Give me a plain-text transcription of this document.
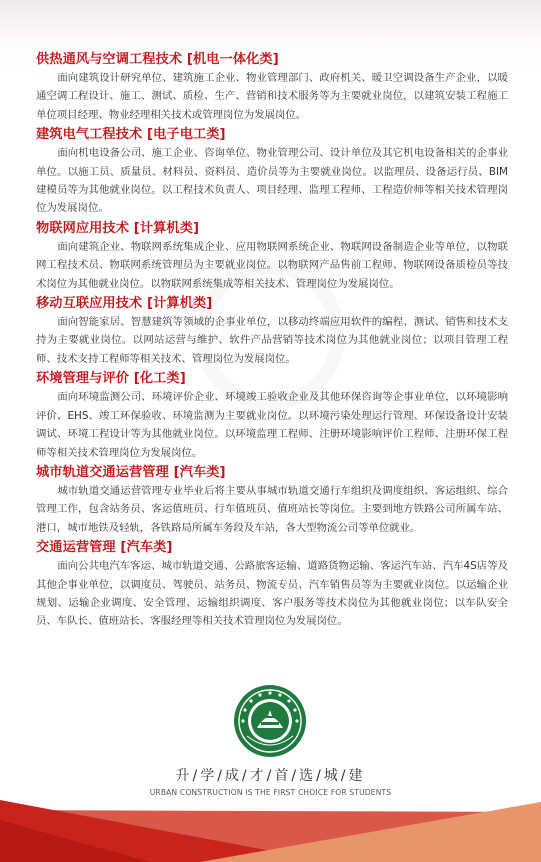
供热通风与空调工程技术 [机电一体化类]

面向建筑设计研究单位、建筑施工企业、物业管理部门、政府机关、暖卫空调设备生产企业，以暖通空调工程设计、施工、测试、质检、生产、营销和技术服务等为主要就业岗位，以建筑安装工程施工单位项目经理、物业经理相关技术或管理岗位为发展岗位。

建筑电气工程技术 [电子电工类]

面向机电设备公司、施工企业、咨询单位、物业管理公司、设计单位及其它机电设备相关的企事业单位。以施工员、质量员、材料员、资料员、造价员等为主要就业岗位。以监理员、设备运行员、BIM建模员等为其他就业岗位。以工程技术负责人、项目经理、监理工程师、工程造价师等相关技术管理岗位为发展岗位。

物联网应用技术 [计算机类]

面向建筑企业、物联网系统集成企业、应用物联网系统企业、物联网设备制造企业等单位，以物联网工程技术员、物联网系统管理员为主要就业岗位。以物联网产品售前工程师、物联网设备质检员等技术岗位为其他就业岗位。以物联网系统集成等相关技术、管理岗位为发展岗位。

移动互联应用技术 [计算机类]

面向智能家居、智慧建筑等领域的企事业单位，以移动终端应用软件的编程、测试、销售和技术支持为主要就业岗位。以网站运营与维护、软件产品营销等技术岗位为其他就业岗位；以项目管理工程师、技术支持工程师等相关技术、管理岗位为发展岗位。

环境管理与评价 [化工类]

面向环境监测公司、环境评价企业、环境竣工验收企业及其他环保咨询等企事业单位，以环境影响评价、EHS、竣工环保验收、环境监测为主要就业岗位。以环境污染处理运行管理、环保设备设计安装调试、环境工程设计等为其他就业岗位。以环境监理工程师、注册环境影响评价工程师、注册环保工程师等相关技术管理岗位为发展岗位。

城市轨道交通运营管理 [汽车类]

城市轨道交通运营管理专业毕业后将主要从事城市轨道交通行车组织及调度组织、客运组织、综合管理工作，包含站务员、客运值班员、行车值班员、值班站长等岗位。主要到地方铁路公司所属车站、港口，城市地铁及轻轨，各铁路局所属车务段及车站，各大型物流公司等单位就业。

交通运营管理 [汽车类]

面向公共电汽车客运、城市轨道交通、公路旅客运输、道路货物运输、客运汽车站、汽车4S店等及其他企事业单位，以调度员、驾驶员、站务员、物流专员、汽车销售员等为主要就业岗位。以运输企业规划、运输企业调度、安全管理、运输组织调度、客户服务等技术岗位为其他就业岗位；以车队安全员、车队长、值班站长、客服经理等相关技术管理岗位为发展岗位。

升/学/成/才/首/选/城/建
URBAN CONSTRUCTION IS THE FIRST CHOICE FOR STUDENTS
